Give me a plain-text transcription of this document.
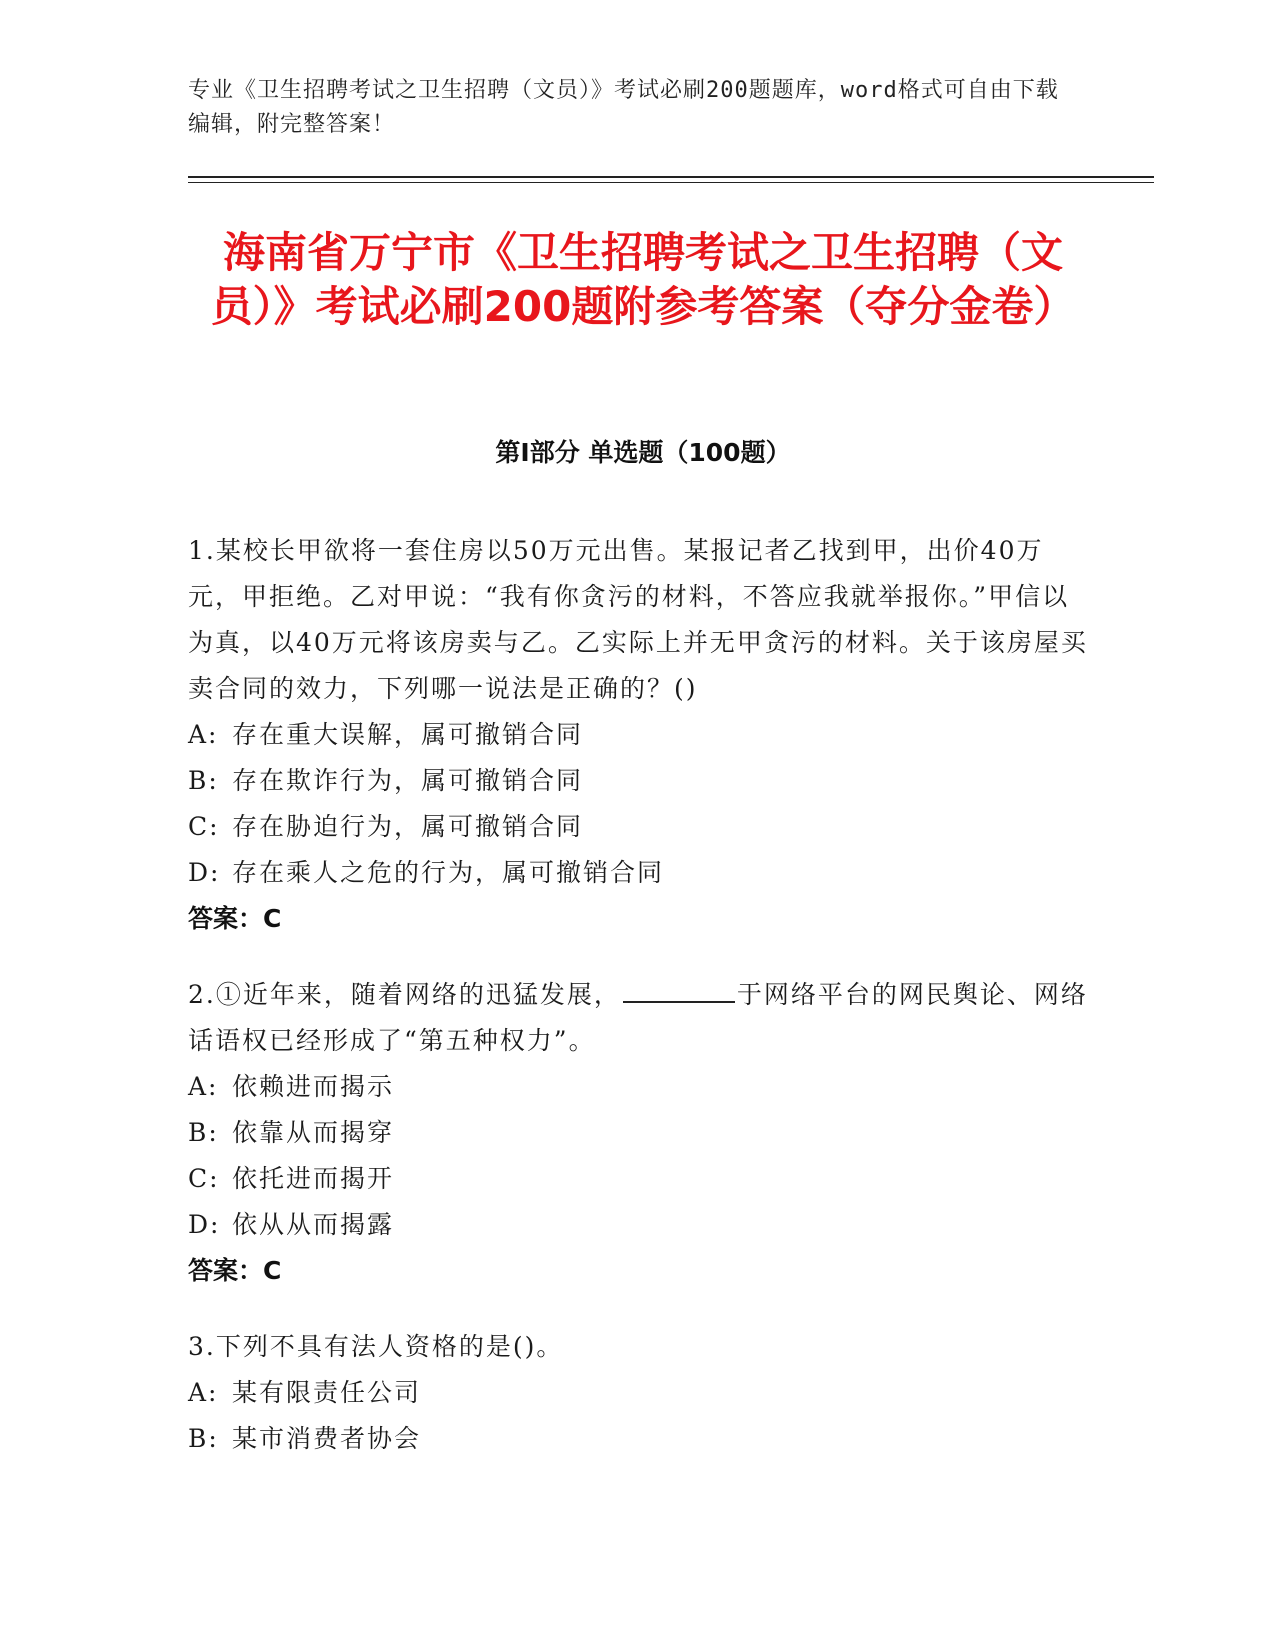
专业《卫生招聘考试之卫生招聘（文员）》考试必刷200题题库，word格式可自由下载编辑，附完整答案！
海南省万宁市《卫生招聘考试之卫生招聘（文员）》考试必刷200题附参考答案（夺分金卷）
第Ⅰ部分 单选题（100题）
1.某校长甲欲将一套住房以50万元出售。某报记者乙找到甲，出价40万元，甲拒绝。乙对甲说：“我有你贪污的材料，不答应我就举报你。”甲信以为真，以40万元将该房卖与乙。乙实际上并无甲贪污的材料。关于该房屋买卖合同的效力，下列哪一说法是正确的？()
A: 存在重大误解，属可撤销合同
B: 存在欺诈行为，属可撤销合同
C: 存在胁迫行为，属可撤销合同
D: 存在乘人之危的行为，属可撤销合同
答案：C
2.①近年来，随着网络的迅猛发展，	于网络平台的网民舆论、网络话语权已经形成了“第五种权力”。
A: 依赖进而揭示
B: 依靠从而揭穿
C: 依托进而揭开
D: 依从从而揭露
答案：C
3.下列不具有法人资格的是()。
A: 某有限责任公司
B: 某市消费者协会
